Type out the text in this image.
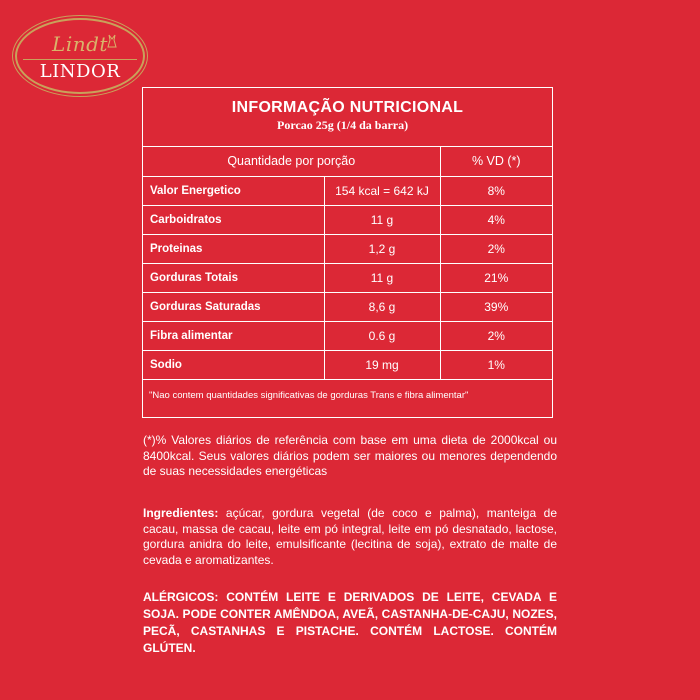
Lindt
LINDOR
INFORMAÇÃO NUTRICIONAL
Porcao 25g (1/4 da barra)
Quantidade por porção		% VD (*)
Valor Energetico	154 kcal = 642 kJ	8%
Carboidratos	11 g	4%
Proteinas	1,2 g	2%
Gorduras Totais	11 g	21%
Gorduras Saturadas	8,6 g	39%
Fibra alimentar	0.6 g	2%
Sodio	19 mg	1%
"Nao contem quantidades significativas de gorduras Trans e fibra alimentar"
(*)% Valores diários de referência com base em uma dieta de 2000kcal ou 8400kcal. Seus valores diários podem ser maiores ou menores dependendo de suas necessidades energéticas
Ingredientes: açúcar, gordura vegetal (de coco e palma), manteiga de cacau, massa de cacau, leite em pó integral, leite em pó desnatado, lactose, gordura anidra do leite, emulsificante (lecitina de soja), extrato de malte de cevada e aromatizantes.
ALÉRGICOS: CONTÉM LEITE E DERIVADOS DE LEITE, CEVADA E SOJA. PODE CONTER AMÊNDOA, AVEÃ, CASTANHA-DE-CAJU, NOZES, PECÃ, CASTANHAS E PISTACHE. CONTÉM LACTOSE. CONTÉM GLÚTEN.
